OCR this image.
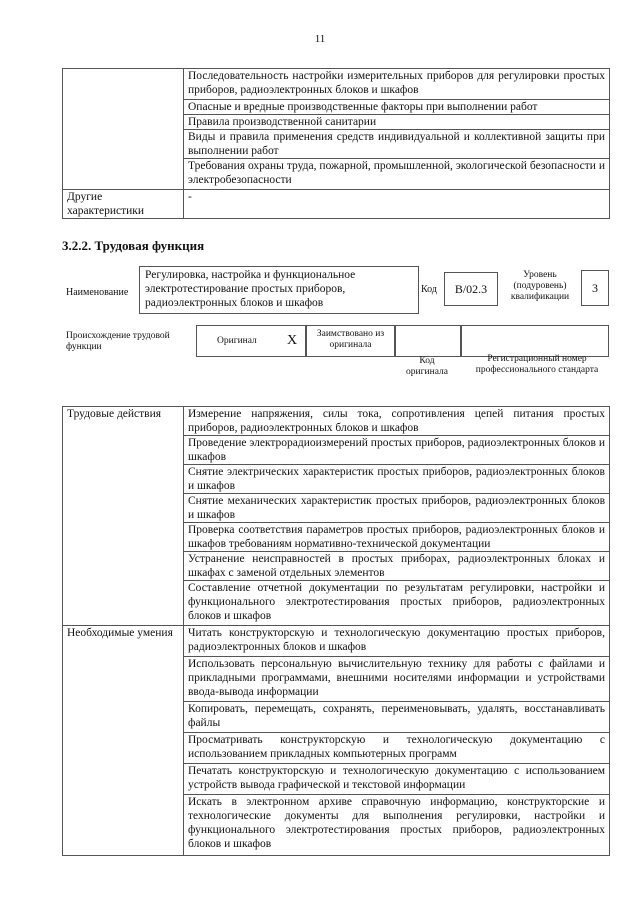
11
	Последовательность настройки измерительных приборов для регулировки простых приборов, радиоэлектронных блоков и шкафов
	Опасные и вредные производственные факторы при выполнении работ
	Правила производственной санитарии
	Виды и правила применения средств индивидуальной и коллективной защиты при выполнении работ
	Требования охраны труда, пожарной, промышленной, экологической безопасности и электробезопасности
Другие характеристики	-
3.2.2. Трудовая функция
Наименование
Регулировка, настройка и функциональное электротестирование простых приборов, радиоэлектронных блоков и шкафов
Код	B/02.3
Уровень (подуровень) квалификации
3
Происхождение трудовой функции
Оригинал X	Заимствовано из оригинала
Код оригинала
Регистрационный номер профессионального стандарта
Трудовые действия	Измерение напряжения, силы тока, сопротивления цепей питания простых приборов, радиоэлектронных блоков и шкафов
	Проведение электрорадиоизмерений простых приборов, радиоэлектронных блоков и шкафов
	Снятие электрических характеристик простых приборов, радиоэлектронных блоков и шкафов
	Снятие механических характеристик простых приборов, радиоэлектронных блоков и шкафов
	Проверка соответствия параметров простых приборов, радиоэлектронных блоков и шкафов требованиям нормативно-технической документации
	Устранение неисправностей в простых приборах, радиоэлектронных блоках и шкафах с заменой отдельных элементов
	Составление отчетной документации по результатам регулировки, настройки и функционального электротестирования простых приборов, радиоэлектронных блоков и шкафов
Необходимые умения	Читать конструкторскую и технологическую документацию простых приборов, радиоэлектронных блоков и шкафов
	Использовать персональную вычислительную технику для работы с файлами и прикладными программами, внешними носителями информации и устройствами ввода-вывода информации
	Копировать, перемещать, сохранять, переименовывать, удалять, восстанавливать файлы
	Просматривать конструкторскую и технологическую документацию с использованием прикладных компьютерных программ
	Печатать конструкторскую и технологическую документацию с использованием устройств вывода графической и текстовой информации
	Искать в электронном архиве справочную информацию, конструкторские и технологические документы для выполнения регулировки, настройки и функционального электротестирования простых приборов, радиоэлектронных блоков и шкафов
